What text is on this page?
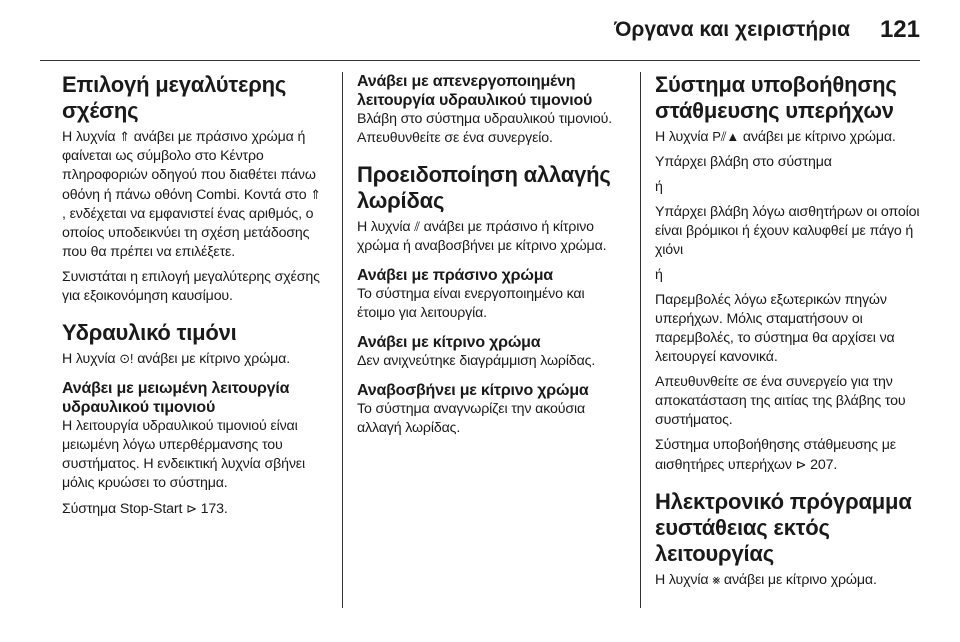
Όργανα και χειριστήρια 121
Επιλογή μεγαλύτερης σχέσης

Η λυχνία ⇑ ανάβει με πράσινο χρώμα ή φαίνεται ως σύμβολο στο Κέντρο πληροφοριών οδηγού που διαθέτει πάνω οθόνη ή πάνω οθόνη Combi. Κοντά στο ⇑, ενδέχεται να εμφανιστεί ένας αριθμός, ο οποίος υποδεικνύει τη σχέση μετάδοσης που θα πρέπει να επιλέξετε.

Συνιστάται η επιλογή μεγαλύτερης σχέσης για εξοικονόμηση καυσίμου.

Υδραυλικό τιμόνι

Η λυχνία ⊙! ανάβει με κίτρινο χρώμα.

Ανάβει με μειωμένη λειτουργία υδραυλικού τιμονιού

Η λειτουργία υδραυλικού τιμονιού είναι μειωμένη λόγω υπερθέρμανσης του συστήματος. Η ενδεικτική λυχνία σβήνει μόλις κρυώσει το σύστημα.

Σύστημα Stop-Start ⊳ 173.

Ανάβει με απενεργοποιημένη λειτουργία υδραυλικού τιμονιού

Βλάβη στο σύστημα υδραυλικού τιμονιού. Απευθυνθείτε σε ένα συνεργείο.

Προειδοποίηση αλλαγής λωρίδας

Η λυχνία ⫽ ανάβει με πράσινο ή κίτρινο χρώμα ή αναβοσβήνει με κίτρινο χρώμα.

Ανάβει με πράσινο χρώμα

Το σύστημα είναι ενεργοποιημένο και έτοιμο για λειτουργία.

Ανάβει με κίτρινο χρώμα

Δεν ανιχνεύτηκε διαγράμμιση λωρίδας.

Αναβοσβήνει με κίτρινο χρώμα

Το σύστημα αναγνωρίζει την ακούσια αλλαγή λωρίδας.

Σύστημα υποβοήθησης στάθμευσης υπερήχων

Η λυχνία P⫽▲ ανάβει με κίτρινο χρώμα.

Υπάρχει βλάβη στο σύστημα

ή

Υπάρχει βλάβη λόγω αισθητήρων οι οποίοι είναι βρόμικοι ή έχουν καλυφθεί με πάγο ή χιόνι

ή

Παρεμβολές λόγω εξωτερικών πηγών υπερήχων. Μόλις σταματήσουν οι παρεμβολές, το σύστημα θα αρχίσει να λειτουργεί κανονικά.

Απευθυνθείτε σε ένα συνεργείο για την αποκατάσταση της αιτίας της βλάβης του συστήματος.

Σύστημα υποβοήθησης στάθμευσης με αισθητήρες υπερήχων ⊳ 207.

Ηλεκτρονικό πρόγραμμα ευστάθειας εκτός λειτουργίας

Η λυχνία ⨳ ανάβει με κίτρινο χρώμα.
